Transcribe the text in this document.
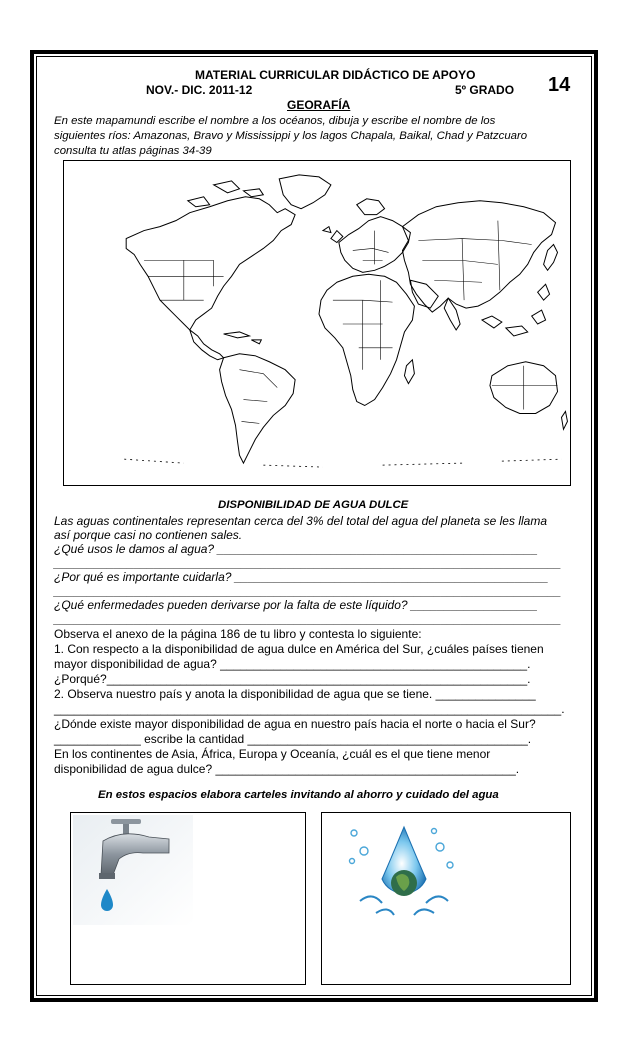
MATERIAL CURRICULAR DIDÁCTICO DE APOYO
NOV.- DIC. 2011-12	5º GRADO 14
GEORAFÍA
En este mapamundi escribe el nombre a los océanos, dibuja y escribe el nombre de los
siguientes ríos: Amazonas, Bravo y Mississippi y los lagos Chapala, Baikal, Chad y Patzcuaro
consulta tu atlas páginas 34-39
DISPONIBILIDAD DE AGUA DULCE
Las aguas continentales representan cerca del 3% del total del agua del planeta se les llama
así porque casi no contienen sales.
¿Qué usos le damos al agua? ________________________________________________
____________________________________________________________________________
¿Por qué es importante cuidarla? _______________________________________________
____________________________________________________________________________
¿Qué enfermedades pueden derivarse por la falta de este líquido? ___________________
____________________________________________________________________________
Observa el anexo de la página 186 de tu libro y contesta lo siguiente:
1. Con respecto a la disponibilidad de agua dulce en América del Sur, ¿cuáles países tienen
mayor disponibilidad de agua? ______________________________________________.
¿Porqué?_______________________________________________________________.
2. Observa nuestro país y anota la disponibilidad de agua que se tiene. _______________
____________________________________________________________________________.
¿Dónde existe mayor disponibilidad de agua en nuestro país hacia el norte o hacia el Sur?
_____________ escribe la cantidad __________________________________________.
En los continentes de Asia, África, Europa y Oceanía, ¿cuál es el que tiene menor
disponibilidad de agua dulce? _____________________________________________.
En estos espacios elabora carteles invitando al ahorro y cuidado del agua
